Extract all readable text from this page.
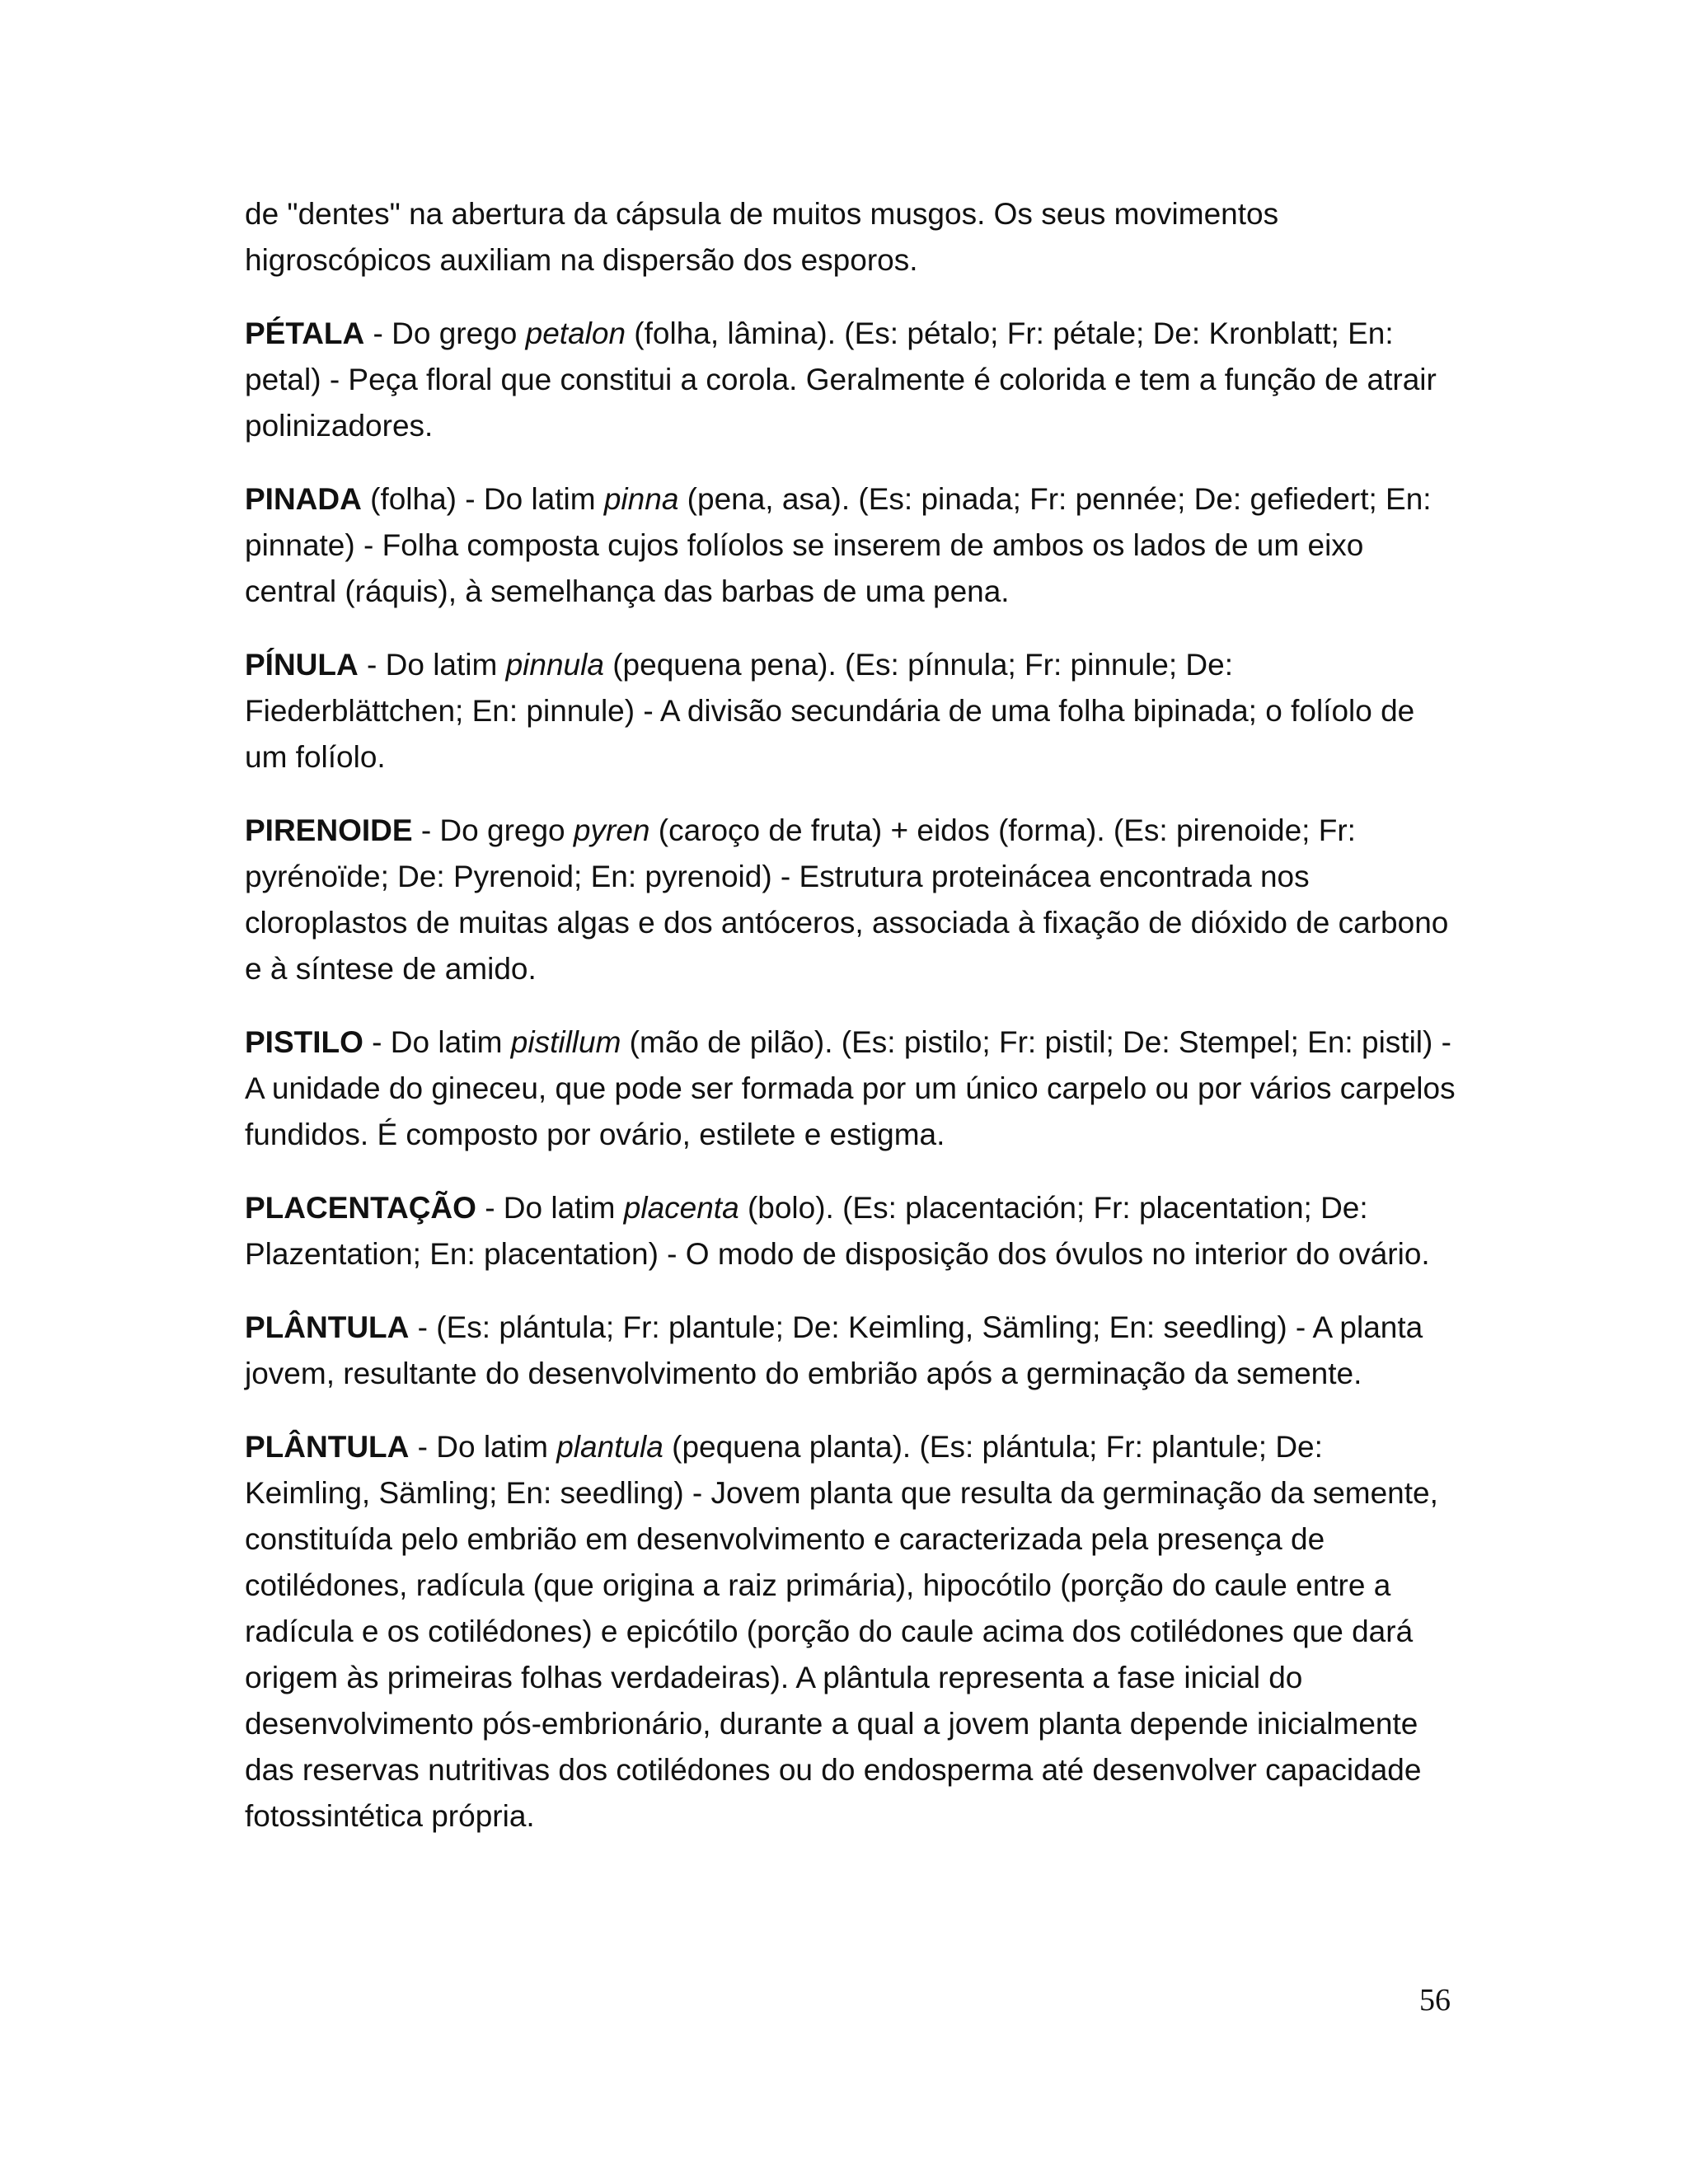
de "dentes" na abertura da cápsula de muitos musgos. Os seus movimentos higroscópicos auxiliam na dispersão dos esporos.

PÉTALA - Do grego petalon (folha, lâmina). (Es: pétalo; Fr: pétale; De: Kronblatt; En: petal) - Peça floral que constitui a corola. Geralmente é colorida e tem a função de atrair polinizadores.

PINADA (folha) - Do latim pinna (pena, asa). (Es: pinada; Fr: pennée; De: gefiedert; En: pinnate) - Folha composta cujos folíolos se inserem de ambos os lados de um eixo central (ráquis), à semelhança das barbas de uma pena.

PÍNULA - Do latim pinnula (pequena pena). (Es: pínnula; Fr: pinnule; De: Fiederblättchen; En: pinnule) - A divisão secundária de uma folha bipinada; o folíolo de um folíolo.

PIRENOIDE - Do grego pyren (caroço de fruta) + eidos (forma). (Es: pirenoide; Fr: pyrénoïde; De: Pyrenoid; En: pyrenoid) - Estrutura proteinácea encontrada nos cloroplastos de muitas algas e dos antóceros, associada à fixação de dióxido de carbono e à síntese de amido.

PISTILO - Do latim pistillum (mão de pilão). (Es: pistilo; Fr: pistil; De: Stempel; En: pistil) - A unidade do gineceu, que pode ser formada por um único carpelo ou por vários carpelos fundidos. É composto por ovário, estilete e estigma.

PLACENTAÇÃO - Do latim placenta (bolo). (Es: placentación; Fr: placentation; De: Plazentation; En: placentation) - O modo de disposição dos óvulos no interior do ovário.

PLÂNTULA - (Es: plántula; Fr: plantule; De: Keimling, Sämling; En: seedling) - A planta jovem, resultante do desenvolvimento do embrião após a germinação da semente.

PLÂNTULA - Do latim plantula (pequena planta). (Es: plántula; Fr: plantule; De: Keimling, Sämling; En: seedling) - Jovem planta que resulta da germinação da semente, constituída pelo embrião em desenvolvimento e caracterizada pela presença de cotilédones, radícula (que origina a raiz primária), hipocótilo (porção do caule entre a radícula e os cotilédones) e epicótilo (porção do caule acima dos cotilédones que dará origem às primeiras folhas verdadeiras). A plântula representa a fase inicial do desenvolvimento pós-embrionário, durante a qual a jovem planta depende inicialmente das reservas nutritivas dos cotilédones ou do endosperma até desenvolver capacidade fotossintética própria.

56
